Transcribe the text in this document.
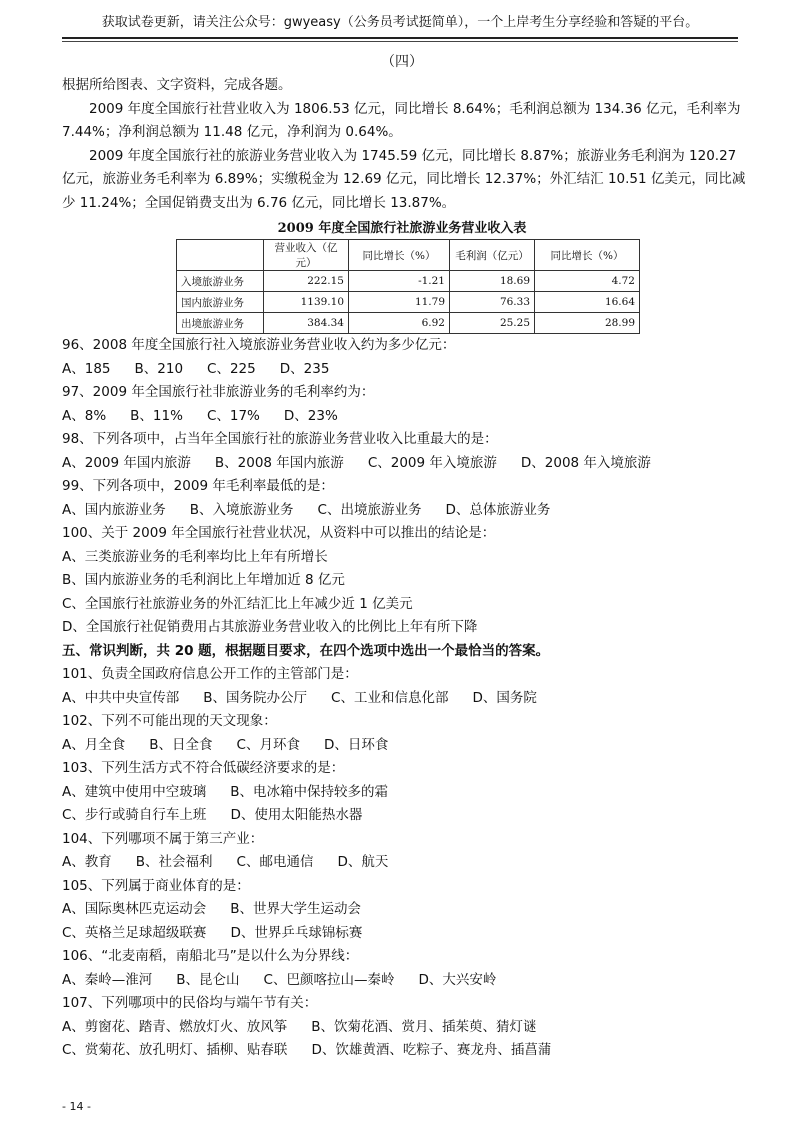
获取试卷更新，请关注公众号：gwyeasy（公务员考试挺简单），一个上岸考生分享经验和答疑的平台。
（四）
根据所给图表、文字资料，完成各题。
2009 年度全国旅行社营业收入为 1806.53 亿元，同比增长 8.64%；毛利润总额为 134.36 亿元，毛利率为
7.44%；净利润总额为 11.48 亿元，净利润为 0.64%。
2009 年度全国旅行社的旅游业务营业收入为 1745.59 亿元，同比增长 8.87%；旅游业务毛利润为 120.27
亿元，旅游业务毛利率为 6.89%；实缴税金为 12.69 亿元，同比增长 12.37%；外汇结汇 10.51 亿美元，同比减
少 11.24%；全国促销费支出为 6.76 亿元，同比增长 13.87%。
2009 年度全国旅行社旅游业务营业收入表
	营业收入（亿元）	同比增长（%）	毛利润（亿元）	同比增长（%）
入境旅游业务	222.15	-1.21	18.69	4.72
国内旅游业务	1139.10	11.79	76.33	16.64
出境旅游业务	384.34	6.92	25.25	28.99
96、2008 年度全国旅行社入境旅游业务营业收入约为多少亿元：
A、185 B、210 C、225 D、235
97、2009 年全国旅行社非旅游业务的毛利率约为：
A、8% B、11% C、17% D、23%
98、下列各项中，占当年全国旅行社的旅游业务营业收入比重最大的是：
A、2009 年国内旅游 B、2008 年国内旅游 C、2009 年入境旅游 D、2008 年入境旅游
99、下列各项中，2009 年毛利率最低的是：
A、国内旅游业务 B、入境旅游业务 C、出境旅游业务 D、总体旅游业务
100、关于 2009 年全国旅行社营业状况，从资料中可以推出的结论是：
A、三类旅游业务的毛利率均比上年有所增长
B、国内旅游业务的毛利润比上年增加近 8 亿元
C、全国旅行社旅游业务的外汇结汇比上年减少近 1 亿美元
D、全国旅行社促销费用占其旅游业务营业收入的比例比上年有所下降
五、常识判断，共 20 题，根据题目要求，在四个选项中选出一个最恰当的答案。
101、负责全国政府信息公开工作的主管部门是：
A、中共中央宣传部 B、国务院办公厅 C、工业和信息化部 D、国务院
102、下列不可能出现的天文现象：
A、月全食 B、日全食 C、月环食 D、日环食
103、下列生活方式不符合低碳经济要求的是：
A、建筑中使用中空玻璃 B、电冰箱中保持较多的霜
C、步行或骑自行车上班 D、使用太阳能热水器
104、下列哪项不属于第三产业：
A、教育 B、社会福利 C、邮电通信 D、航天
105、下列属于商业体育的是：
A、国际奥林匹克运动会 B、世界大学生运动会
C、英格兰足球超级联赛 D、世界乒乓球锦标赛
106、“北麦南稻，南船北马”是以什么为分界线：
A、秦岭—淮河 B、昆仑山 C、巴颜喀拉山—秦岭 D、大兴安岭
107、下列哪项中的民俗均与端午节有关：
A、剪窗花、踏青、燃放灯火、放风筝 B、饮菊花酒、赏月、插茱萸、猜灯谜
C、赏菊花、放孔明灯、插柳、贴春联 D、饮雄黄酒、吃粽子、赛龙舟、插菖蒲
- 14 -
